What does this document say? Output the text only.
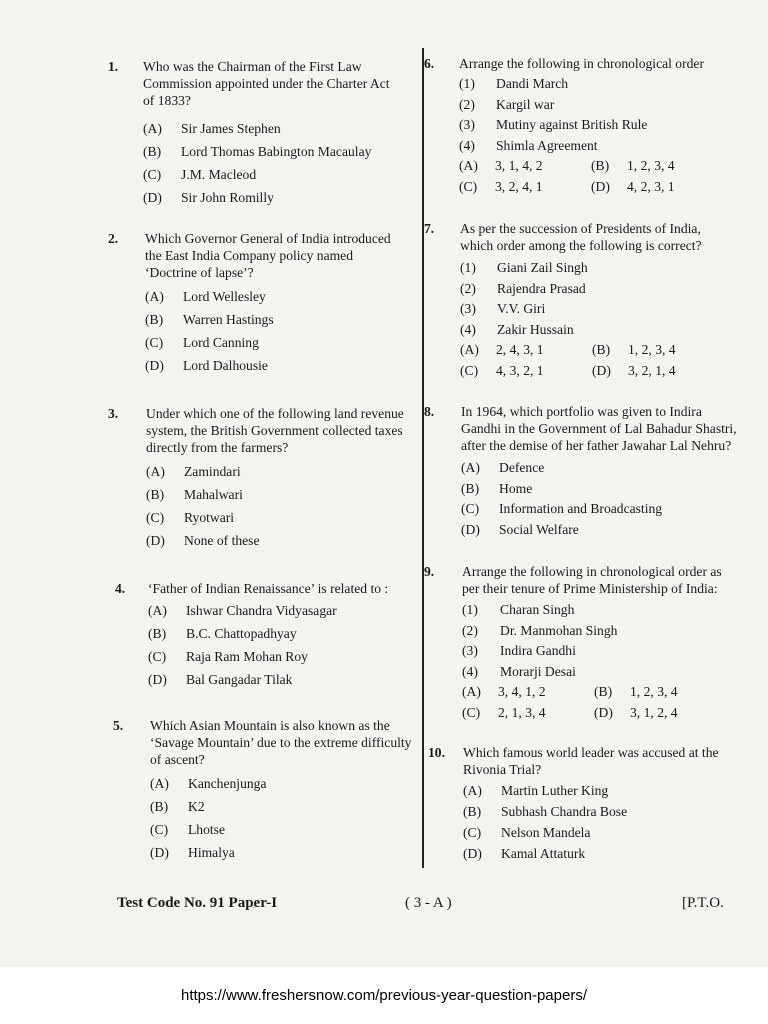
1. Who was the Chairman of the First Law
Commission appointed under the Charter Act
of 1833?
(A) Sir James Stephen
(B) Lord Thomas Babington Macaulay
(C) J.M. Macleod
(D) Sir John Romilly
2. Which Governor General of India introduced
the East India Company policy named
‘Doctrine of lapse’?
(A) Lord Wellesley
(B) Warren Hastings
(C) Lord Canning
(D) Lord Dalhousie
3. Under which one of the following land revenue
system, the British Government collected taxes
directly from the farmers?
(A) Zamindari
(B) Mahalwari
(C) Ryotwari
(D) None of these
4. ‘Father of Indian Renaissance’ is related to :
(A) Ishwar Chandra Vidyasagar
(B) B.C. Chattopadhyay
(C) Raja Ram Mohan Roy
(D) Bal Gangadar Tilak
5. Which Asian Mountain is also known as the
‘Savage Mountain’ due to the extreme difficulty
of ascent?
(A) Kanchenjunga
(B) K2
(C) Lhotse
(D) Himalya
6. Arrange the following in chronological order
(1) Dandi March
(2) Kargil war
(3) Mutiny against British Rule
(4) Shimla Agreement
(A) 3, 1, 4, 2	(B) 1, 2, 3, 4
(C) 3, 2, 4, 1	(D) 4, 2, 3, 1
7. As per the succession of Presidents of India,
which order among the following is correct?
(1) Giani Zail Singh
(2) Rajendra Prasad
(3) V.V. Giri
(4) Zakir Hussain
(A) 2, 4, 3, 1	(B) 1, 2, 3, 4
(C) 4, 3, 2, 1	(D) 3, 2, 1, 4
8. In 1964, which portfolio was given to Indira
Gandhi in the Government of Lal Bahadur Shastri,
after the demise of her father Jawahar Lal Nehru?
(A) Defence
(B) Home
(C) Information and Broadcasting
(D) Social Welfare
9. Arrange the following in chronological order as
per their tenure of Prime Ministership of India:
(1) Charan Singh
(2) Dr. Manmohan Singh
(3) Indira Gandhi
(4) Morarji Desai
(A) 3, 4, 1, 2	(B) 1, 2, 3, 4
(C) 2, 1, 3, 4	(D) 3, 1, 2, 4
10. Which famous world leader was accused at the
Rivonia Trial?
(A) Martin Luther King
(B) Subhash Chandra Bose
(C) Nelson Mandela
(D) Kamal Attaturk
Test Code No. 91 Paper-I	( 3 - A )	[P.T.O.
https://www.freshersnow.com/previous-year-question-papers/
